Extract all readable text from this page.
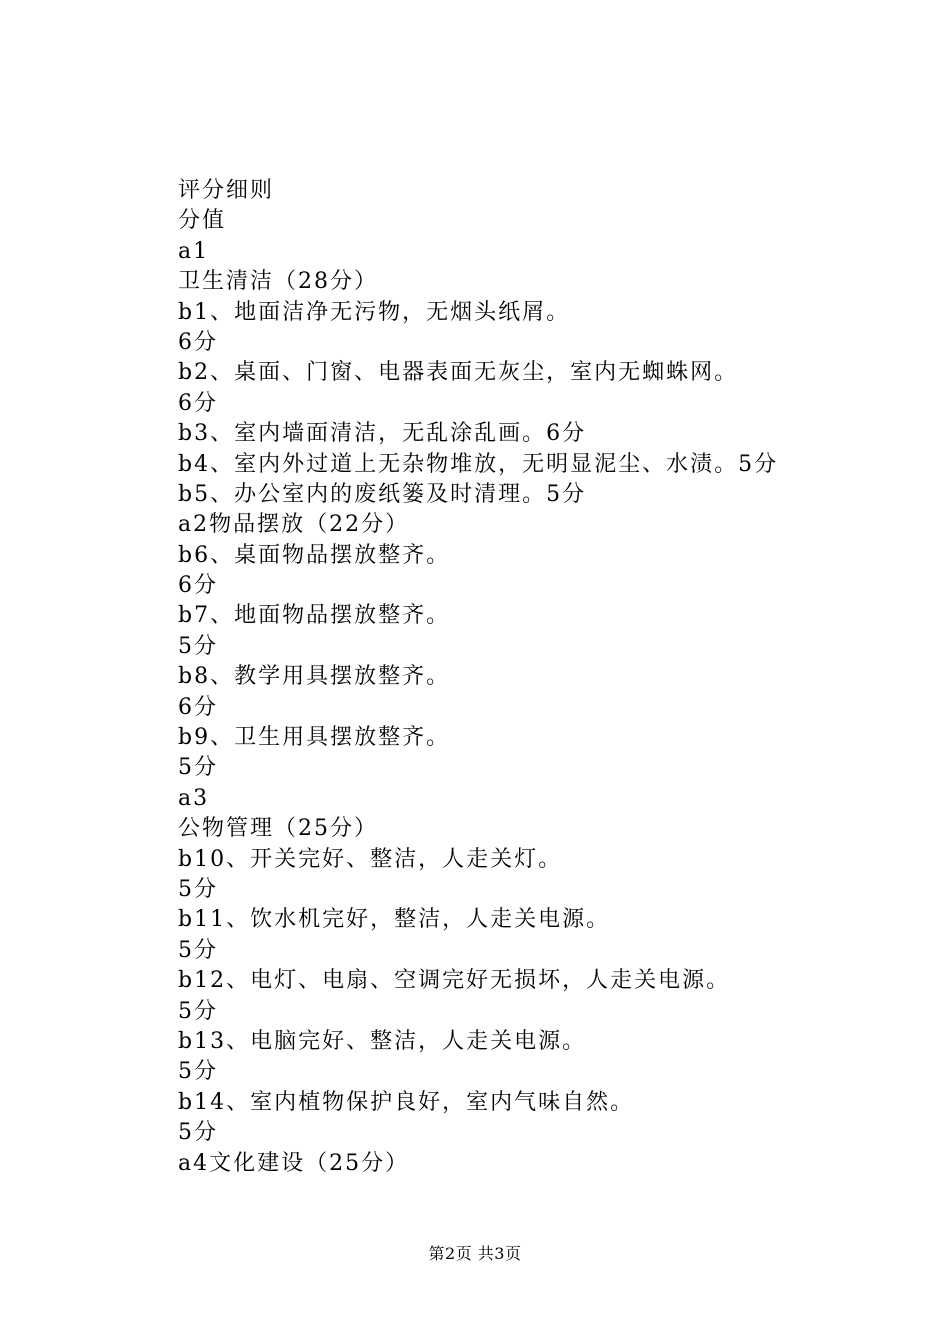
评分细则
分值
a1
卫生清洁（28分）
b1、地面洁净无污物，无烟头纸屑。
6分
b2、桌面、门窗、电器表面无灰尘，室内无蜘蛛网。
6分
b3、室内墙面清洁，无乱涂乱画。6分
b4、室内外过道上无杂物堆放，无明显泥尘、水渍。5分
b5、办公室内的废纸篓及时清理。5分
a2物品摆放（22分）
b6、桌面物品摆放整齐。
6分
b7、地面物品摆放整齐。
5分
b8、教学用具摆放整齐。
6分
b9、卫生用具摆放整齐。
5分
a3
公物管理（25分）
b10、开关完好、整洁，人走关灯。
5分
b11、饮水机完好，整洁，人走关电源。
5分
b12、电灯、电扇、空调完好无损坏，人走关电源。
5分
b13、电脑完好、整洁，人走关电源。
5分
b14、室内植物保护良好，室内气味自然。
5分
a4文化建设（25分）
第2页 共3页
